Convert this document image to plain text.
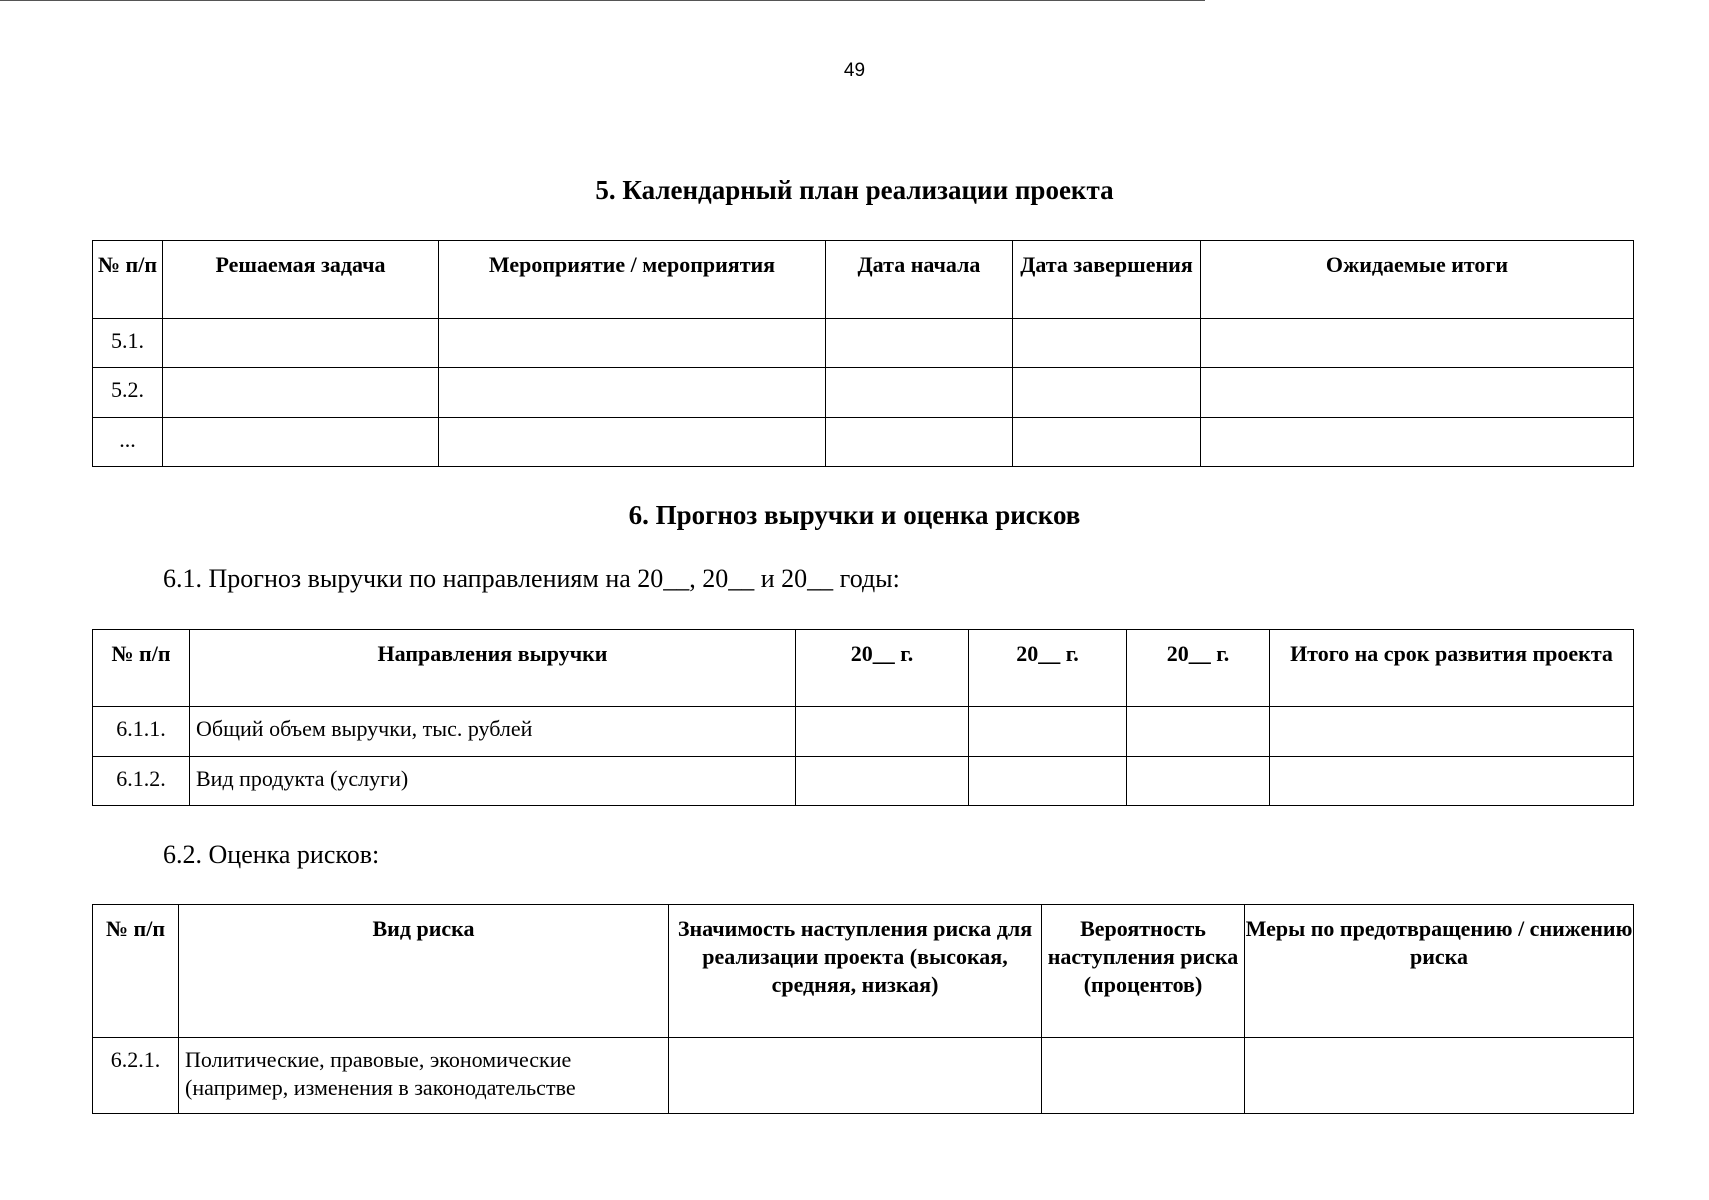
49
5. Календарный план реализации проекта
№ п/п	Решаемая задача	Мероприятие / мероприятия	Дата начала	Дата завершения	Ожидаемые итоги
5.1.					
5.2.					
...					
6. Прогноз выручки и оценка рисков
6.1. Прогноз выручки по направлениям на 20__, 20__ и 20__ годы:
№ п/п	Направления выручки	20__ г.	20__ г.	20__ г.	Итого на срок развития проекта
6.1.1.	Общий объем выручки, тыс. рублей				
6.1.2.	Вид продукта (услуги)				
6.2. Оценка рисков:
№ п/п	Вид риска	Значимость наступления риска для реализации проекта (высокая, средняя, низкая)	Вероятность наступления риска (процентов)	Меры по предотвращению / снижению риска
6.2.1.	Политические, правовые, экономические (например, изменения в законодательстве			
